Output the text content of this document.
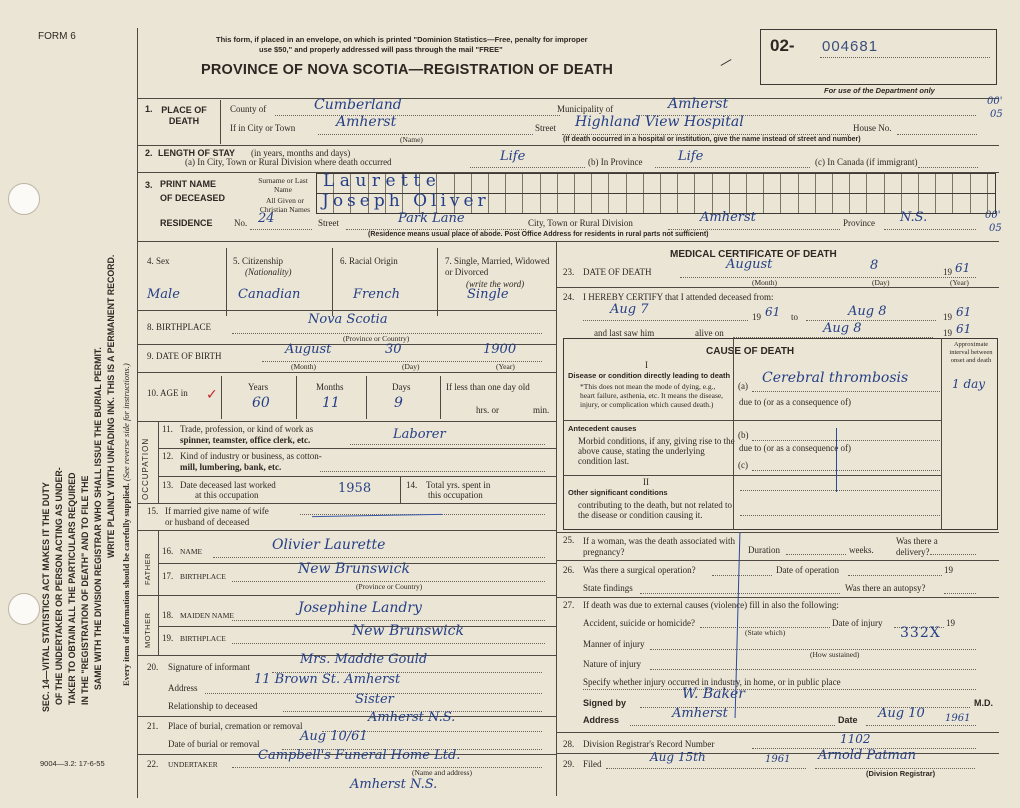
FORM 6
9004—3.2: 17-6-55
SEC. 14—VITAL STATISTICS ACT MAKES IT THE DUTY OF THE UNDERTAKER OR PERSON ACTING AS UNDER- TAKER TO OBTAIN ALL THE PARTICULARS REQUIRED IN THE "REGISTRATION OF DEATH" AND TO FILE THE SAME WITH THE DIVISION REGISTRAR WHO SHALL ISSUE THE BURIAL PERMIT. WRITE PLAINLY WITH UNFADING INK. THIS IS A PERMANENT RECORD.
Every item of information should be carefully supplied. (See reverse side for instructions.)
This form, if placed in an envelope, on which is printed "Dominion Statistics—Free, penalty for improper
use $50," and properly addressed will pass through the mail "FREE"
PROVINCE OF NOVA SCOTIA—REGISTRATION OF DEATH
02- 004681
For use of the Department only
00'
05
00'
05
1. PLACE OF DEATH
County of	Cumberland	Municipality of	Amherst
If in City or Town	Amherst
(Name)
Street Highland View Hospital	House No.
(If death occurred in a hospital or institution, give the name instead of street and number)
2. LENGTH OF STAY (in years, months and days)
(a) In City, Town or Rural Division where death occurred	Life	(b) In Province	Life	(c) In Canada (if immigrant)
3. PRINT NAME
OF DECEASED
Surname or Last Name
All Given or Christian Names
Laurette
Joseph Oliver
RESIDENCE No. 24	Street	Park Lane	City, Town or Rural Division	Amherst	Province N.S.
(Residence means usual place of abode. Post Office Address for residents in rural parts not sufficient)
4. Sex	5. Citizenship
(Nationality)
6. Racial Origin	7. Single, Married, Widowed or Divorced
(write the word)
Male	Canadian	French	Single
8. BIRTHPLACE	Nova Scotia
(Province or Country)
9. DATE OF BIRTH	August	30	1900
(Month)	(Day)	(Year)
10. AGE in ✓	Years	Months	Days
60	11	9
If less than one day old
hrs. or	min.
OCCUPATION
11. Trade, profession, or kind of work as
spinner, teamster, office clerk, etc.	Laborer
12. Kind of industry or business, as cotton-
mill, lumbering, bank, etc.
13. Date deceased last worked
at this occupation	1958	14. Total yrs. spent in
this occupation
15. If married give name of wife
or husband of deceased
FATHER
MOTHER
16. NAME	Olivier Laurette
17. BIRTHPLACE	New Brunswick
(Province or Country)
18. MAIDEN NAME	Josephine Landry
19. BIRTHPLACE	New Brunswick
20. Signature of informant	Mrs. Maddie Gould
Address
11 Brown St. Amherst
Relationship to deceased	Sister
21. Place of burial, cremation or removal
Amherst N.S.
Date of burial or removal	Aug 10/61
22. UNDERTAKER
Campbell's Funeral Home Ltd.
(Name and address)
Amherst N.S.
MEDICAL CERTIFICATE OF DEATH
23. DATE OF DEATH	August	8	19 61
(Month)	(Day)	(Year)
24. I HEREBY CERTIFY that I attended deceased from:
Aug 7	19 61 to	Aug 8	19 61
and last saw him	alive on	Aug 8	19 61
CAUSE OF DEATH
I
Approximate interval between onset and death
Disease or condition directly leading to death
*This does not mean the mode of dying, e.g., heart failure, asthenia, etc. It means the disease, injury, or complication which caused death.)
(a) Cerebral thrombosis	1 day
due to (or as a consequence of)
Antecedent causes
Morbid conditions, if any, giving rise to the above cause, stating the underlying condition last.
(b)
due to (or as a consequence of)
(c)
II
Other significant conditions
contributing to the death, but not related to the disease or condition causing it.
25. If a woman, was the death associated with pregnancy?	Duration	weeks.
Was there a delivery?
26. Was there a surgical operation?	Date of operation	19
State findings	Was there an autopsy?
27. If death was due to external causes (violence) fill in also the following:
Accident, suicide or homicide?
(State which)
Date of injury	19
332X
Manner of injury
(How sustained)
Nature of injury
Specify whether injury occurred in industry, in home, or in public place
Signed by
W. Baker
M.D.
Address	Amherst	Date Aug 10 1961
28. Division Registrar's Record Number	1102
29. Filed	Aug 15th	1961 Arnold Patman
(Division Registrar)
